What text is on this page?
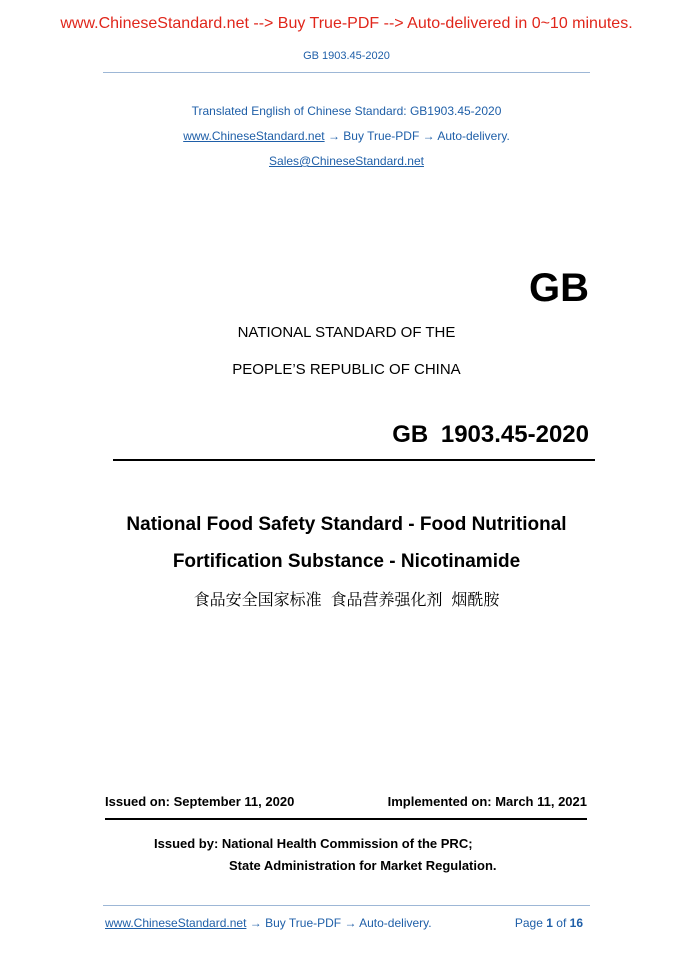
www.ChineseStandard.net --> Buy True-PDF --> Auto-delivered in 0~10 minutes.
GB 1903.45-2020
Translated English of Chinese Standard: GB1903.45-2020
www.ChineseStandard.net → Buy True-PDF → Auto-delivery.
Sales@ChineseStandard.net
GB
NATIONAL STANDARD OF THE
PEOPLE’S REPUBLIC OF CHINA
GB 1903.45-2020
National Food Safety Standard - Food Nutritional
Fortification Substance - Nicotinamide
食品安全国家标准  食品营养强化剂  烟酰胺
Issued on: September 11, 2020	Implemented on: March 11, 2021
Issued by: National Health Commission of the PRC;
State Administration for Market Regulation.
www.ChineseStandard.net → Buy True-PDF → Auto-delivery.	Page 1 of 16
